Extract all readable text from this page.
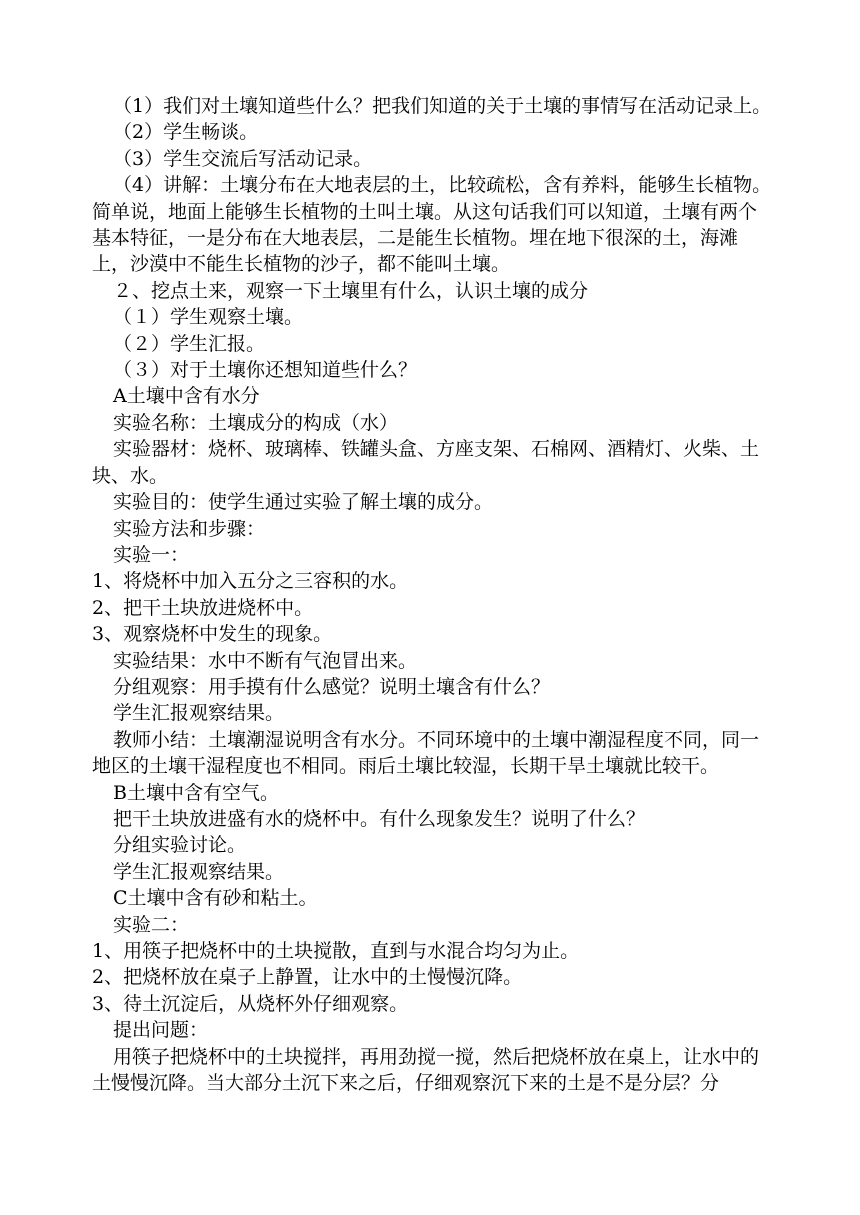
（1）我们对土壤知道些什么？把我们知道的关于土壤的事情写在活动记录上。

（2）学生畅谈。

（3）学生交流后写活动记录。

（4）讲解：土壤分布在大地表层的土，比较疏松，含有养料，能够生长植物。简单说，地面上能够生长植物的土叫土壤。从这句话我们可以知道，土壤有两个基本特征，一是分布在大地表层，二是能生长植物。埋在地下很深的土，海滩上，沙漠中不能生长植物的沙子，都不能叫土壤。

２、挖点土来，观察一下土壤里有什么，认识土壤的成分

（１）学生观察土壤。

（２）学生汇报。

（３）对于土壤你还想知道些什么？

A土壤中含有水分

实验名称：土壤成分的构成（水）

实验器材：烧杯、玻璃棒、铁罐头盒、方座支架、石棉网、酒精灯、火柴、土块、水。

实验目的：使学生通过实验了解土壤的成分。

实验方法和步骤：

实验一：

1、将烧杯中加入五分之三容积的水。

2、把干土块放进烧杯中。

3、观察烧杯中发生的现象。

实验结果：水中不断有气泡冒出来。

分组观察：用手摸有什么感觉？说明土壤含有什么？

学生汇报观察结果。

教师小结：土壤潮湿说明含有水分。不同环境中的土壤中潮湿程度不同，同一地区的土壤干湿程度也不相同。雨后土壤比较湿，长期干旱土壤就比较干。

B土壤中含有空气。

把干土块放进盛有水的烧杯中。有什么现象发生？说明了什么？

分组实验讨论。

学生汇报观察结果。

C土壤中含有砂和粘土。

实验二：

1、用筷子把烧杯中的土块搅散，直到与水混合均匀为止。

2、把烧杯放在桌子上静置，让水中的土慢慢沉降。

3、待土沉淀后，从烧杯外仔细观察。

提出问题：

用筷子把烧杯中的土块搅拌，再用劲搅一搅，然后把烧杯放在桌上，让水中的土慢慢沉降。当大部分土沉下来之后，仔细观察沉下来的土是不是分层？分
